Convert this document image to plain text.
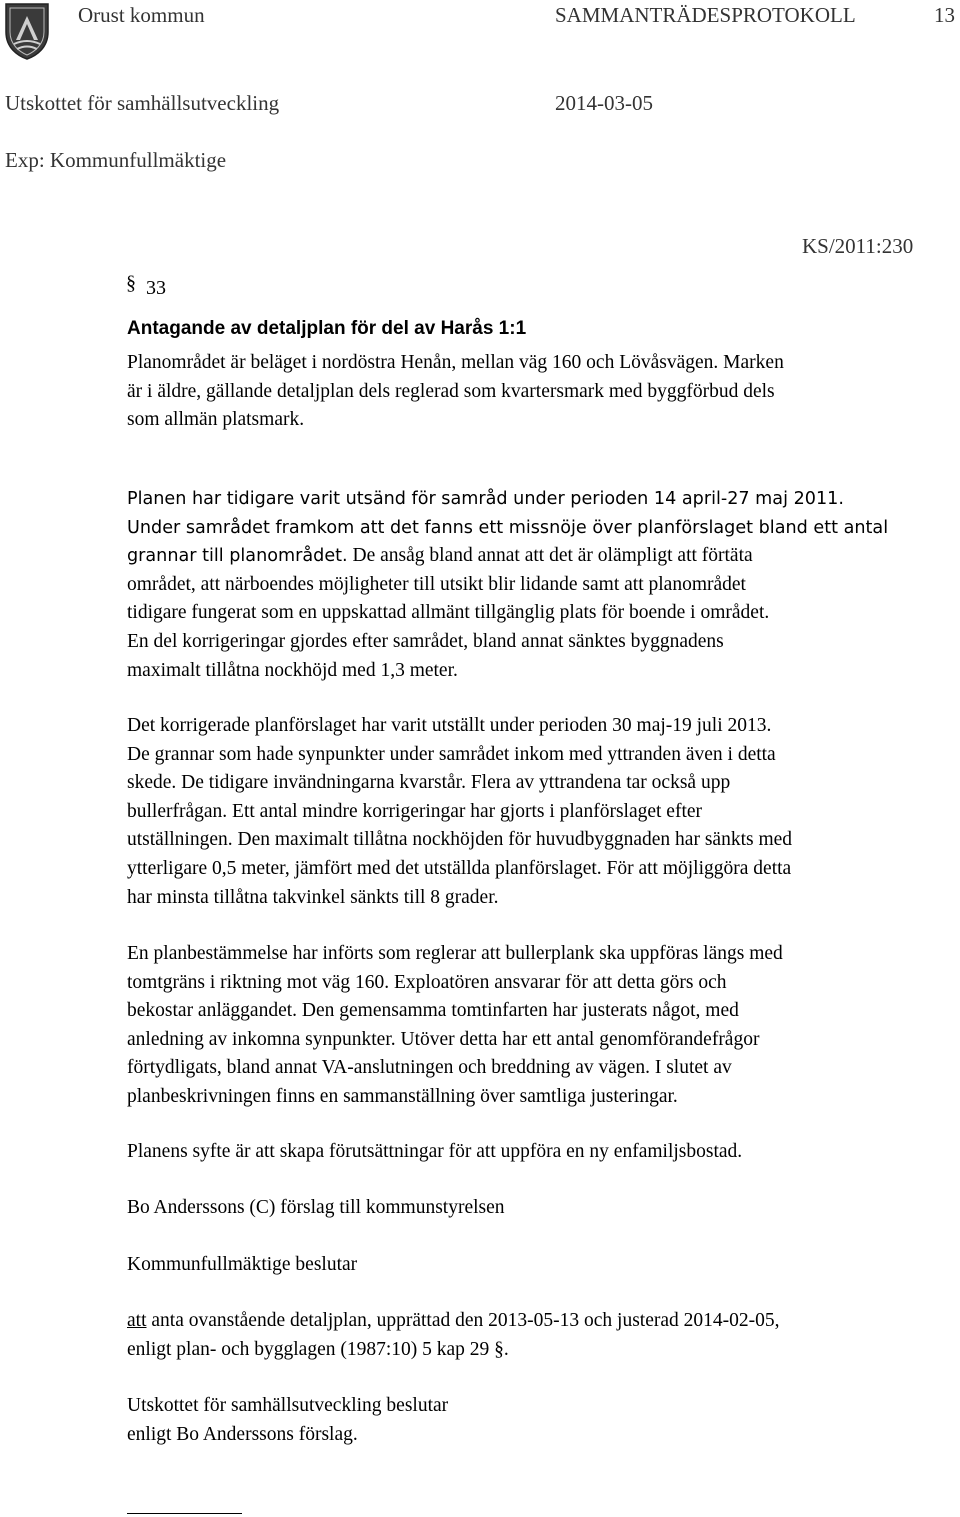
Orust kommun	SAMMANTRÄDESPROTOKOLL	13
Utskottet för samhällsutveckling	2014-03-05
Exp: Kommunfullmäktige
KS/2011:230
§ 33
Antagande av detaljplan för del av Harås 1:1
Planområdet är beläget i nordöstra Henån, mellan väg 160 och Lövåsvägen. Marken
är i äldre, gällande detaljplan dels reglerad som kvartersmark med byggförbud dels
som allmän platsmark.
Planen har tidigare varit utsänd för samråd under perioden 14 april-27 maj 2011.
Under samrådet framkom att det fanns ett missnöje över planförslaget bland ett antal
grannar till planområdet. De ansåg bland annat att det är olämpligt att förtäta
området, att närboendes möjligheter till utsikt blir lidande samt att planområdet
tidigare fungerat som en uppskattad allmänt tillgänglig plats för boende i området.
En del korrigeringar gjordes efter samrådet, bland annat sänktes byggnadens
maximalt tillåtna nockhöjd med 1,3 meter.
Det korrigerade planförslaget har varit utställt under perioden 30 maj-19 juli 2013.
De grannar som hade synpunkter under samrådet inkom med yttranden även i detta
skede. De tidigare invändningarna kvarstår. Flera av yttrandena tar också upp
bullerfrågan. Ett antal mindre korrigeringar har gjorts i planförslaget efter
utställningen. Den maximalt tillåtna nockhöjden för huvudbyggnaden har sänkts med
ytterligare 0,5 meter, jämfört med det utställda planförslaget. För att möjliggöra detta
har minsta tillåtna takvinkel sänkts till 8 grader.
En planbestämmelse har införts som reglerar att bullerplank ska uppföras längs med
tomtgräns i riktning mot väg 160. Exploatören ansvarar för att detta görs och
bekostar anläggandet. Den gemensamma tomtinfarten har justerats något, med
anledning av inkomna synpunkter. Utöver detta har ett antal genomförandefrågor
förtydligats, bland annat VA-anslutningen och breddning av vägen. I slutet av
planbeskrivningen finns en sammanställning över samtliga justeringar.
Planens syfte är att skapa förutsättningar för att uppföra en ny enfamiljsbostad.
Bo Anderssons (C) förslag till kommunstyrelsen
Kommunfullmäktige beslutar
att anta ovanstående detaljplan, upprättad den 2013-05-13 och justerad 2014-02-05,
enligt plan- och bygglagen (1987:10) 5 kap 29 §.
Utskottet för samhällsutveckling beslutar
enligt Bo Anderssons förslag.
